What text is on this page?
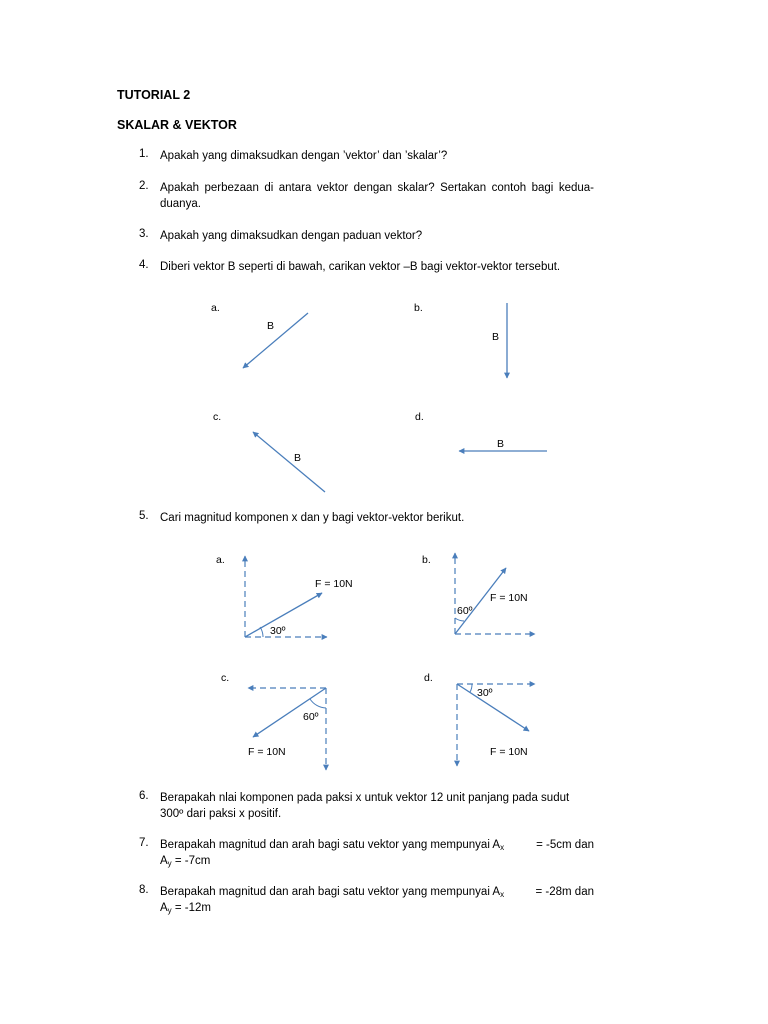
TUTORIAL 2
SKALAR & VEKTOR
1. Apakah yang dimaksudkan dengan ’vektor’ dan ’skalar’?
2. Apakah perbezaan di antara vektor dengan skalar? Sertakan contoh bagi kedua-duanya.
3. Apakah yang dimaksudkan dengan paduan vektor?
4. Diberi vektor B seperti di bawah, carikan vektor –B bagi vektor-vektor tersebut.
5. Cari magnitud komponen x dan y bagi vektor-vektor berikut.
6. Berapakah nlai komponen pada paksi x untuk vektor 12 unit panjang pada sudut
300º dari paksi x positif.
7. Berapakah magnitud dan arah bagi satu vektor yang mempunyai $A_x$	= -5cm dan
$A_y = -7cm$
8. Berapakah magnitud dan arah bagi satu vektor yang mempunyai $A_x$	= -28m dan
$A_y = -12m$
a.
B
b.
B
c.
B
d.
B
a.
F = 10N
30º
b.
F = 10N
60º
c.
60º
F = 10N
d.
30º
F = 10N
